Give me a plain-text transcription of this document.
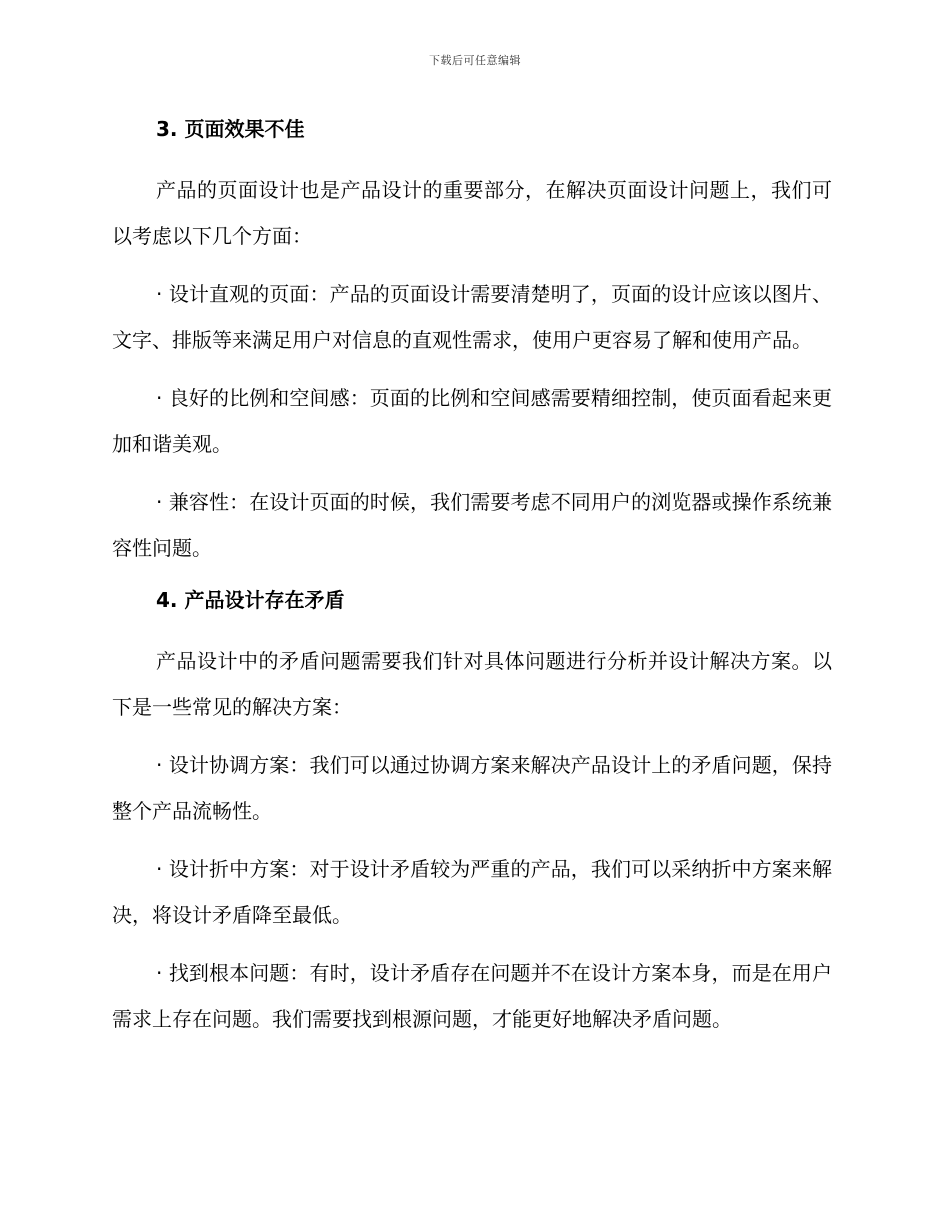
下载后可任意编辑
3. 页面效果不佳

产品的页面设计也是产品设计的重要部分，在解决页面设计问题上，我们可以考虑以下几个方面：

· 设计直观的页面：产品的页面设计需要清楚明了，页面的设计应该以图片、文字、排版等来满足用户对信息的直观性需求，使用户更容易了解和使用产品。

· 良好的比例和空间感：页面的比例和空间感需要精细控制，使页面看起来更加和谐美观。

· 兼容性：在设计页面的时候，我们需要考虑不同用户的浏览器或操作系统兼容性问题。

4. 产品设计存在矛盾

产品设计中的矛盾问题需要我们针对具体问题进行分析并设计解决方案。以下是一些常见的解决方案：

· 设计协调方案：我们可以通过协调方案来解决产品设计上的矛盾问题，保持整个产品流畅性。

· 设计折中方案：对于设计矛盾较为严重的产品，我们可以采纳折中方案来解决，将设计矛盾降至最低。

· 找到根本问题：有时，设计矛盾存在问题并不在设计方案本身，而是在用户需求上存在问题。我们需要找到根源问题，才能更好地解决矛盾问题。
